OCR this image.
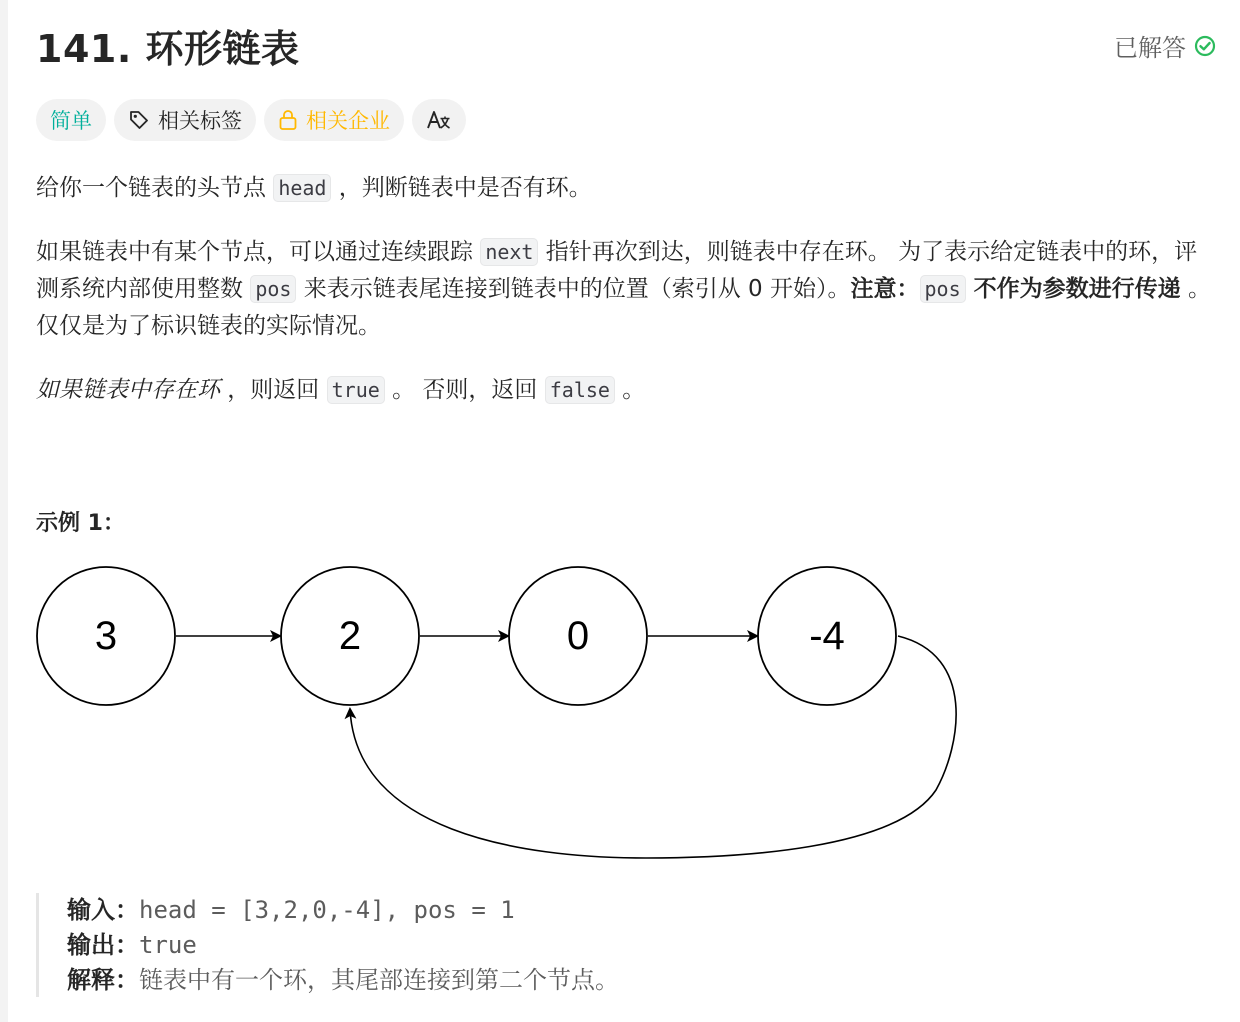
141. 环形链表	已解答
简单	相关标签	相关企业
给你一个链表的头节点 head ，判断链表中是否有环。
如果链表中有某个节点，可以通过连续跟踪 next 指针再次到达，则链表中存在环。 为了表示给定链表中的环，评测系统内部使用整数 pos 来表示链表尾连接到链表中的位置（索引从 0 开始）。注意： pos 不作为参数进行传递 。仅仅是为了标识链表的实际情况。
如果链表中存在环 ，则返回 true 。 否则，返回 false 。
示例 1：
3	2	0	-4
输入：head = [3,2,0,-4], pos = 1
输出：true
解释：链表中有一个环，其尾部连接到第二个节点。
